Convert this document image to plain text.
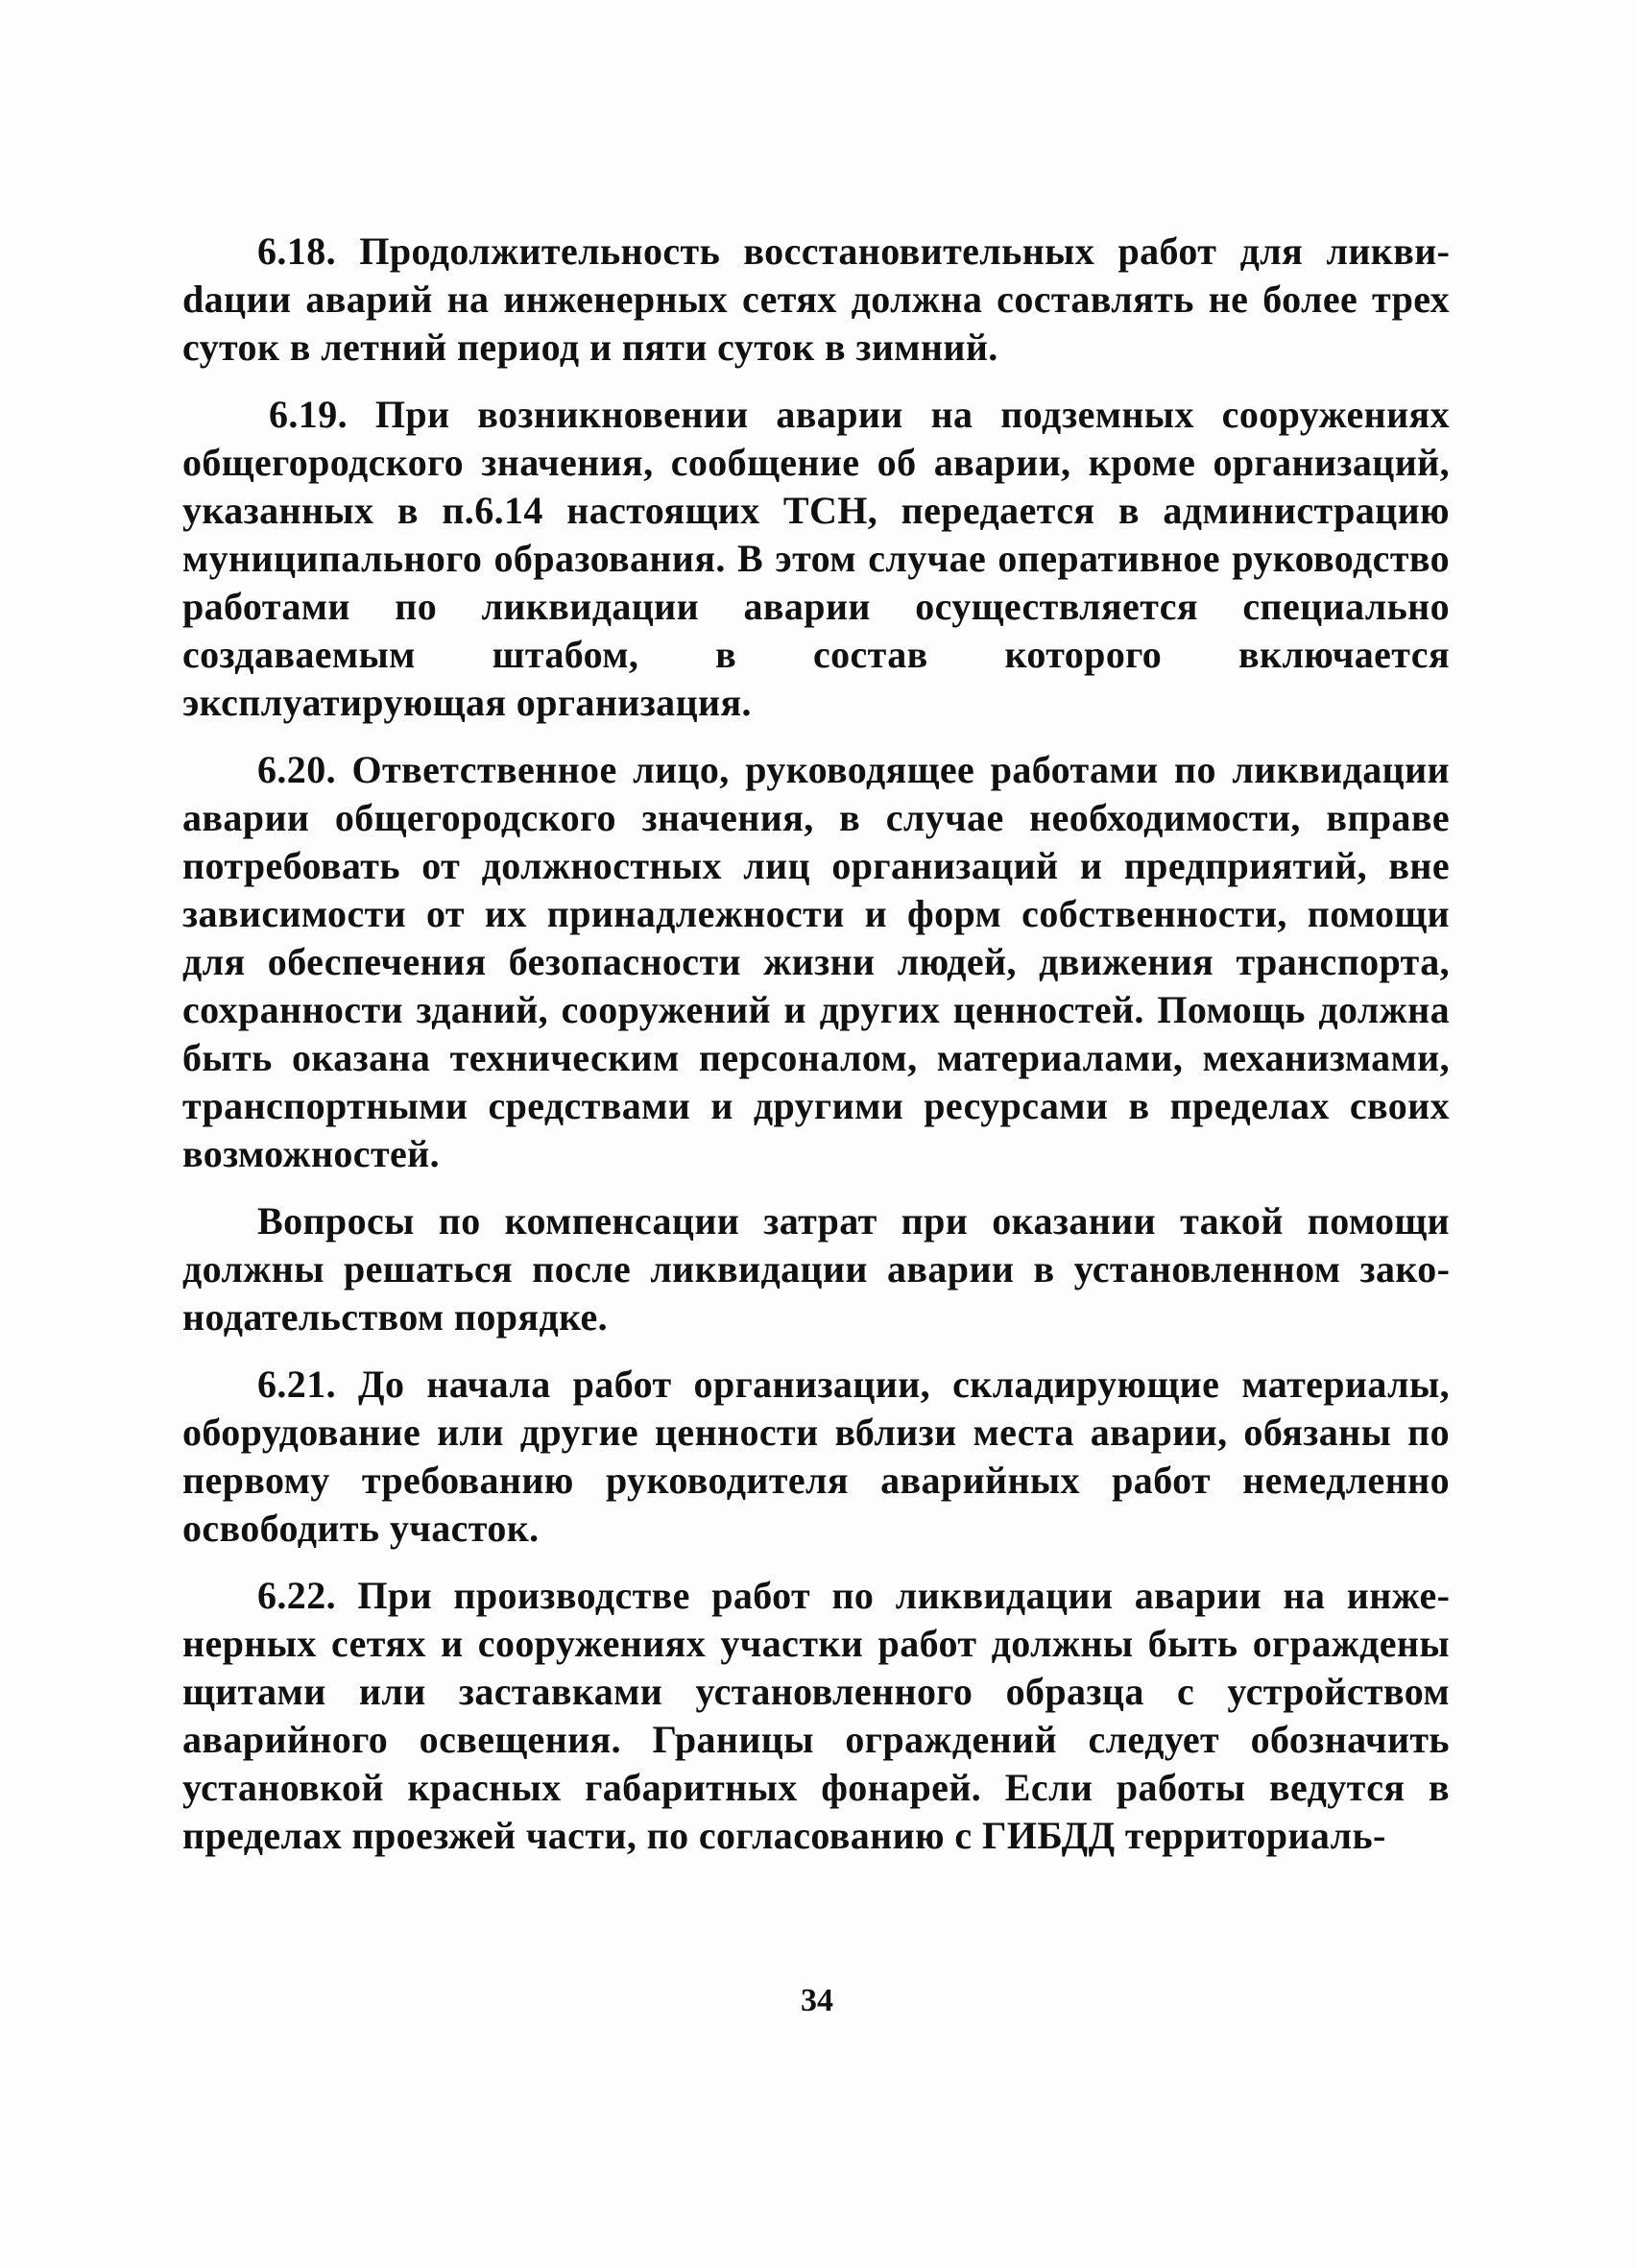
6.18. Продолжительность восстановительных работ для ликвиdации аварий на инженерных сетях должна составлять не более трех суток в летний период и пяти суток в зимний.

6.19. При возникновении аварии на подземных сооружениях общегородского значения, сообщение об аварии, кроме организаций, указанных в п.6.14 настоящих ТСН, передается в администрацию муниципального образования. В этом случае оперативное руководство работами по ликвидации аварии осуществляется специально создаваемым штабом, в состав которого включается эксплуатирующая организация.

6.20. Ответственное лицо, руководящее работами по ликвидации аварии общегородского значения, в случае необходимости, вправе потребовать от должностных лиц организаций и предприятий, вне зависимости от их принадлежности и форм собственности, помощи для обеспечения безопасности жизни людей, движения транспорта, сохранности зданий, сооружений и других ценностей. Помощь должна быть оказана техническим персоналом, материалами, механизмами, транспортными средствами и другими ресурсами в пределах своих возможностей.

Вопросы по компенсации затрат при оказании такой помощи должны решаться после ликвидации аварии в установленном законодательством порядке.

6.21. До начала работ организации, складирующие материалы, оборудование или другие ценности вблизи места аварии, обязаны по первому требованию руководителя аварийных работ немедленно освободить участок.

6.22. При производстве работ по ликвидации аварии на инженерных сетях и сооружениях участки работ должны быть ограждены щитами или заставками установленного образца с устройством аварийного освещения. Границы ограждений следует обозначить установкой красных габаритных фонарей. Если работы ведутся в пределах проезжей части, по согласованию с ГИБДД территориаль-

34
